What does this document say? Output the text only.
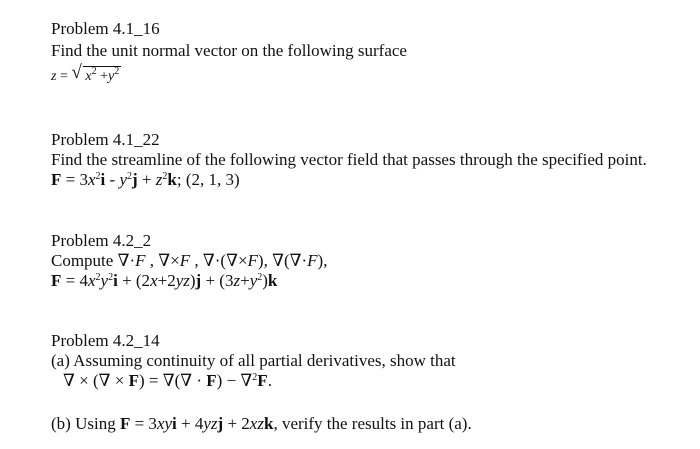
Problem 4.1_16
Find the unit normal vector on the following surface
z = √ $x^2 +y^2$
Problem 4.1_22
Find the streamline of the following vector field that passes through the specified point.
$F = 3x^2i - y^2j + z^2k$; (2, 1, 3)
Problem 4.2_2
Compute ∇·F , ∇×F , ∇·(∇×F), ∇(∇·F),
$F = 4x^2y^2i + (2x+2yz)j + (3z+y^2)k$
Problem 4.2_14
(a) Assuming continuity of all partial derivatives, show that
∇ × (∇ × F) = ∇(∇ · F) − ∇$^2$F.
(b) Using F = 3xyi + 4yzj + 2xzk, verify the results in part (a).
